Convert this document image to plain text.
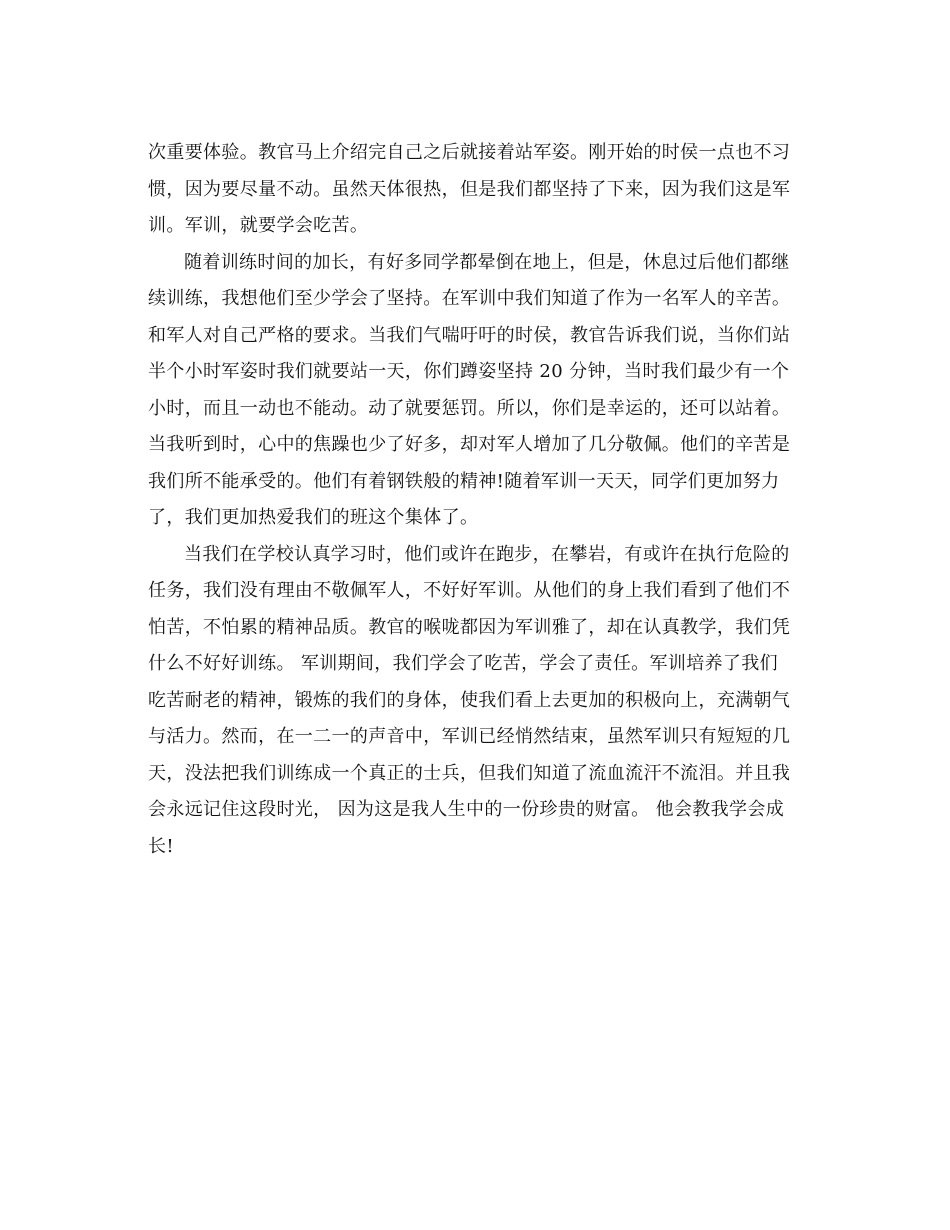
次重要体验。教官马上介绍完自己之后就接着站军姿。刚开始的时侯一点也不习
惯，因为要尽量不动。虽然天体很热，但是我们都坚持了下来，因为我们这是军
训。军训，就要学会吃苦。
随着训练时间的加长，有好多同学都晕倒在地上，但是，休息过后他们都继
续训练，我想他们至少学会了坚持。在军训中我们知道了作为一名军人的辛苦。
和军人对自己严格的要求。当我们气喘吁吁的时侯，教官告诉我们说，当你们站
半个小时军姿时我们就要站一天，你们蹲姿坚持 20 分钟，当时我们最少有一个
小时，而且一动也不能动。动了就要惩罚。所以，你们是幸运的，还可以站着。
当我听到时，心中的焦躁也少了好多，却对军人增加了几分敬佩。他们的辛苦是
我们所不能承受的。他们有着钢铁般的精神!随着军训一天天，同学们更加努力
了，我们更加热爱我们的班这个集体了。
当我们在学校认真学习时，他们或许在跑步，在攀岩，有或许在执行危险的
任务，我们没有理由不敬佩军人，不好好军训。从他们的身上我们看到了他们不
怕苦，不怕累的精神品质。教官的喉咙都因为军训雅了，却在认真教学，我们凭
什么不好好训练。 军训期间，我们学会了吃苦，学会了责任。军训培养了我们
吃苦耐老的精神，锻炼的我们的身体，使我们看上去更加的积极向上，充满朝气
与活力。然而，在一二一的声音中，军训已经悄然结束，虽然军训只有短短的几
天，没法把我们训练成一个真正的士兵，但我们知道了流血流汗不流泪。并且我
会永远记住这段时光， 因为这是我人生中的一份珍贵的财富。 他会教我学会成
长!
